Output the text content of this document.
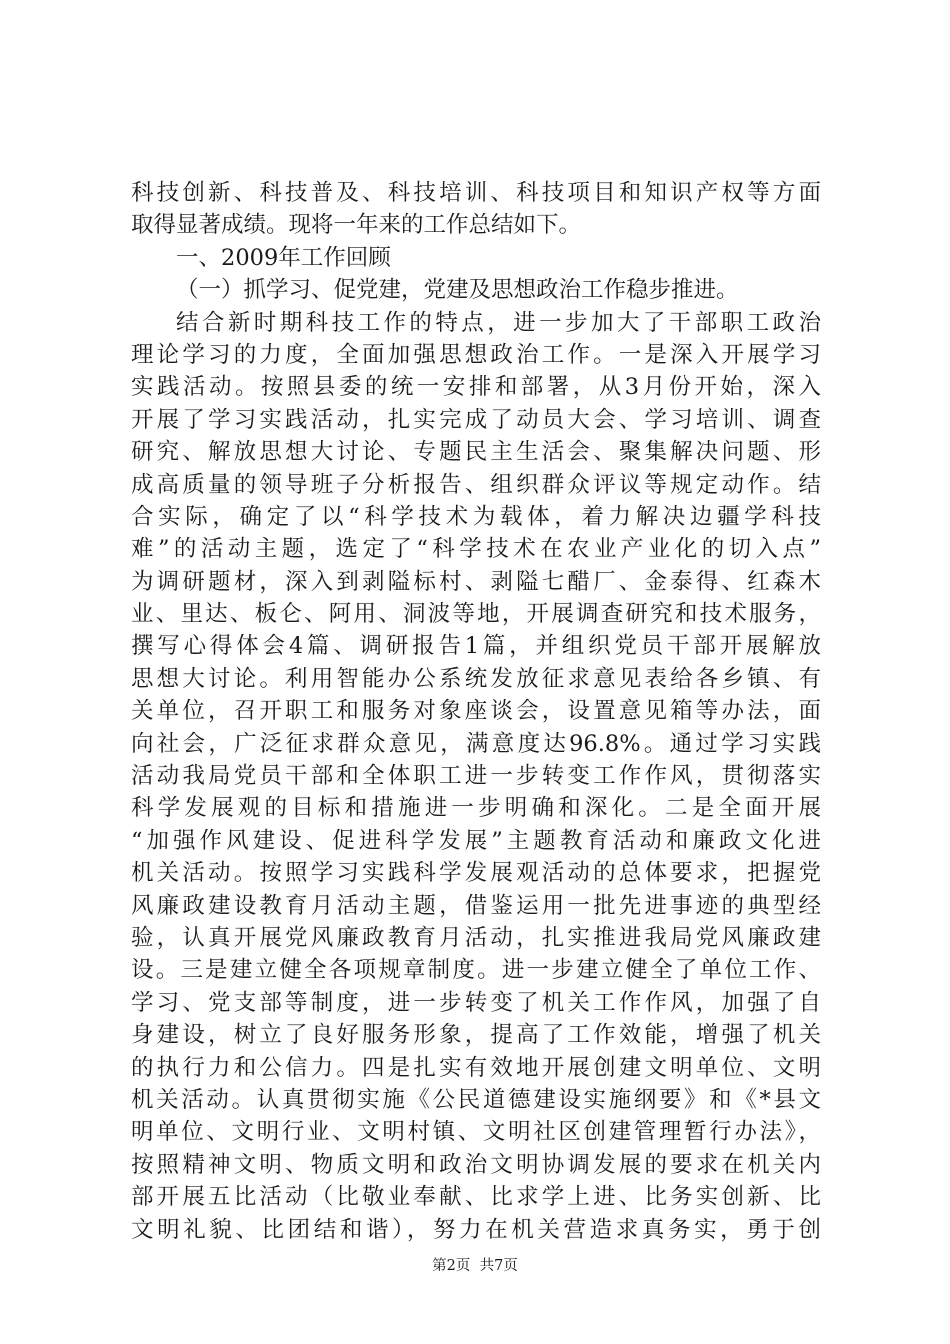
科技创新、科技普及、科技培训、科技项目和知识产权等方面
取得显著成绩。现将一年来的工作总结如下。
一、2009年工作回顾
（一）抓学习、促党建，党建及思想政治工作稳步推进。
结合新时期科技工作的特点，进一步加大了干部职工政治
理论学习的力度，全面加强思想政治工作。一是深入开展学习
实践活动。按照县委的统一安排和部署，从3月份开始，深入
开展了学习实践活动，扎实完成了动员大会、学习培训、调查
研究、解放思想大讨论、专题民主生活会、聚集解决问题、形
成高质量的领导班子分析报告、组织群众评议等规定动作。结
合实际，确定了以“科学技术为载体，着力解决边疆学科技
难”的活动主题，选定了“科学技术在农业产业化的切入点”
为调研题材，深入到剥隘标村、剥隘七醋厂、金泰得、红森木
业、里达、板仑、阿用、洞波等地，开展调查研究和技术服务，
撰写心得体会4篇、调研报告1篇，并组织党员干部开展解放
思想大讨论。利用智能办公系统发放征求意见表给各乡镇、有
关单位，召开职工和服务对象座谈会，设置意见箱等办法，面
向社会，广泛征求群众意见，满意度达96.8%。通过学习实践
活动我局党员干部和全体职工进一步转变工作作风，贯彻落实
科学发展观的目标和措施进一步明确和深化。二是全面开展
“加强作风建设、促进科学发展”主题教育活动和廉政文化进
机关活动。按照学习实践科学发展观活动的总体要求，把握党
风廉政建设教育月活动主题，借鉴运用一批先进事迹的典型经
验，认真开展党风廉政教育月活动，扎实推进我局党风廉政建
设。三是建立健全各项规章制度。进一步建立健全了单位工作、
学习、党支部等制度，进一步转变了机关工作作风，加强了自
身建设，树立了良好服务形象，提高了工作效能，增强了机关
的执行力和公信力。四是扎实有效地开展创建文明单位、文明
机关活动。认真贯彻实施《公民道德建设实施纲要》和《*县文
明单位、文明行业、文明村镇、文明社区创建管理暂行办法》，
按照精神文明、物质文明和政治文明协调发展的要求在机关内
部开展五比活动（比敬业奉献、比求学上进、比务实创新、比
文明礼貌、比团结和谐），努力在机关营造求真务实，勇于创
第2页  共7页
